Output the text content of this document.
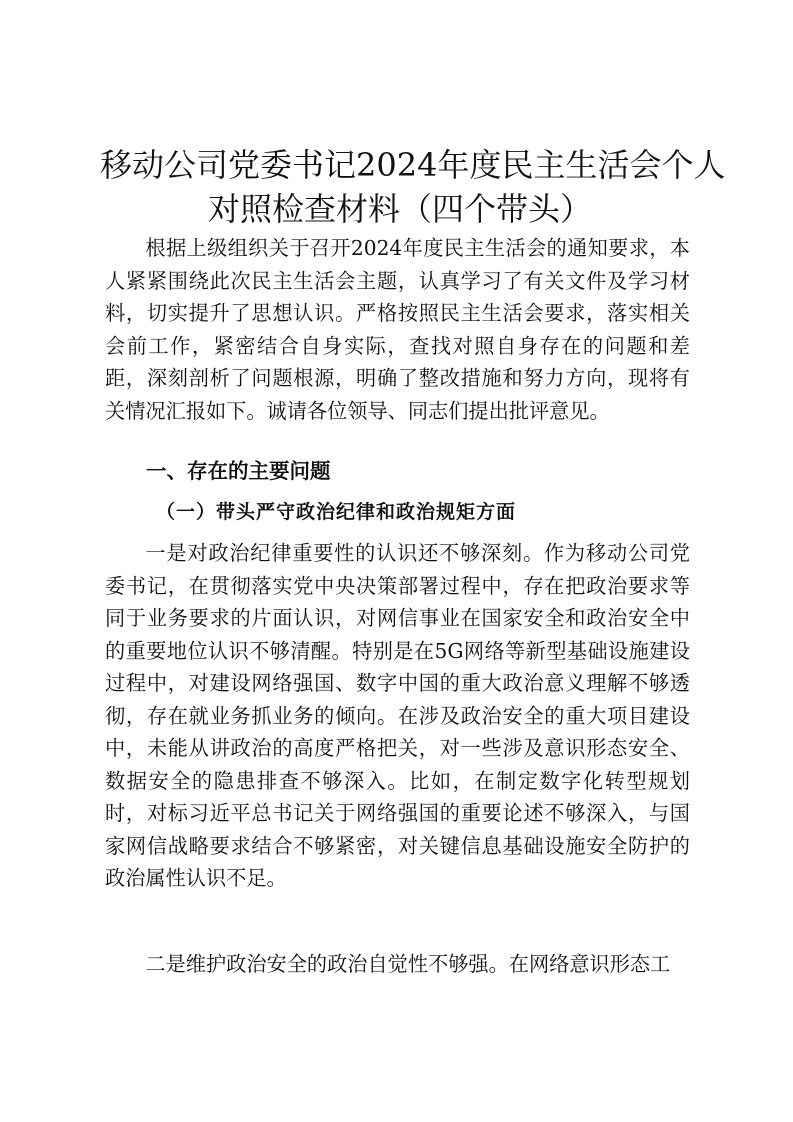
移动公司党委书记2024年度民主生活会个人
对照检查材料（四个带头）
根据上级组织关于召开2024年度民主生活会的通知要求，本人紧紧围绕此次民主生活会主题，认真学习了有关文件及学习材料，切实提升了思想认识。严格按照民主生活会要求，落实相关会前工作，紧密结合自身实际，查找对照自身存在的问题和差距，深刻剖析了问题根源，明确了整改措施和努力方向，现将有关情况汇报如下。诚请各位领导、同志们提出批评意见。
一、存在的主要问题
（一）带头严守政治纪律和政治规矩方面
一是对政治纪律重要性的认识还不够深刻。作为移动公司党委书记，在贯彻落实党中央决策部署过程中，存在把政治要求等同于业务要求的片面认识，对网信事业在国家安全和政治安全中的重要地位认识不够清醒。特别是在5G网络等新型基础设施建设过程中，对建设网络强国、数字中国的重大政治意义理解不够透彻，存在就业务抓业务的倾向。在涉及政治安全的重大项目建设中，未能从讲政治的高度严格把关，对一些涉及意识形态安全、数据安全的隐患排查不够深入。比如，在制定数字化转型规划时，对标习近平总书记关于网络强国的重要论述不够深入，与国家网信战略要求结合不够紧密，对关键信息基础设施安全防护的政治属性认识不足。
二是维护政治安全的政治自觉性不够强。在网络意识形态工
